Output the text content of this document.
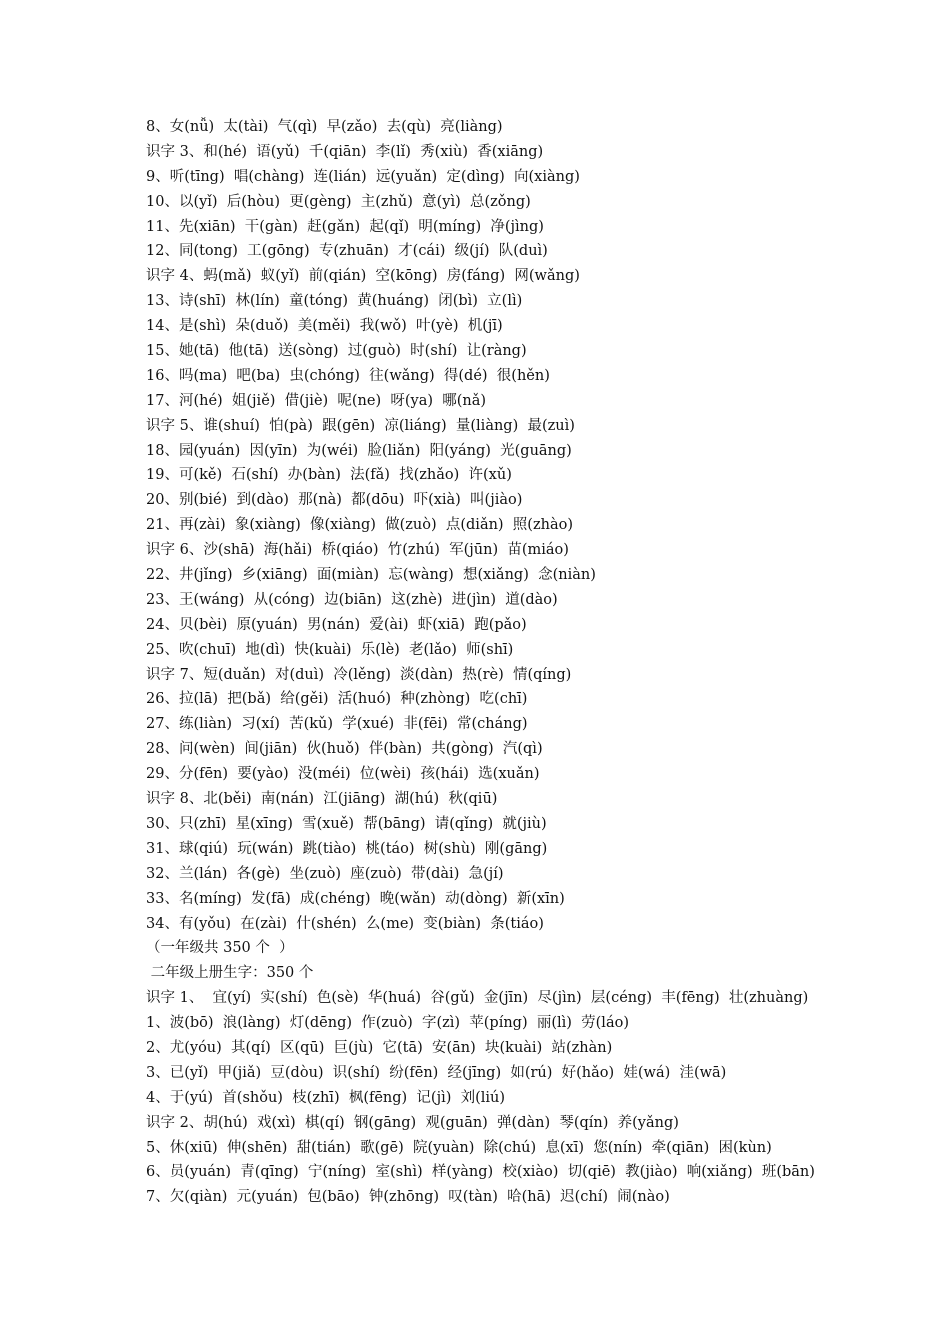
8、女(nǚ)  太(tài)  气(qì)  早(zǎo)  去(qù)  亮(liàng)
识字 3、和(hé)  语(yǔ)  千(qiān)  李(lǐ)  秀(xiù)  香(xiāng)
9、听(tīng)  唱(chàng)  连(lián)  远(yuǎn)  定(dìng)  向(xiàng)
10、以(yǐ)  后(hòu)  更(gèng)  主(zhǔ)  意(yì)  总(zǒng)
11、先(xiān)  干(gàn)  赶(gǎn)  起(qǐ)  明(míng)  净(jìng)
12、同(tong)  工(gōng)  专(zhuān)  才(cái)  级(jí)  队(duì)
识字 4、蚂(mǎ)  蚁(yǐ)  前(qián)  空(kōng)  房(fáng)  网(wǎng)
13、诗(shī)  林(lín)  童(tóng)  黄(huáng)  闭(bì)  立(lì)
14、是(shì)  朵(duǒ)  美(měi)  我(wǒ)  叶(yè)  机(jī)
15、她(tā)  他(tā)  送(sòng)  过(guò)  时(shí)  让(ràng)
16、吗(ma)  吧(ba)  虫(chóng)  往(wǎng)  得(dé)  很(hěn)
17、河(hé)  姐(jiě)  借(jiè)  呢(ne)  呀(ya)  哪(nǎ)
识字 5、谁(shuí)  怕(pà)  跟(gēn)  凉(liáng)  量(liàng)  最(zuì)
18、园(yuán)  因(yīn)  为(wéi)  脸(liǎn)  阳(yáng)  光(guāng)
19、可(kě)  石(shí)  办(bàn)  法(fǎ)  找(zhǎo)  许(xǔ)
20、别(bié)  到(dào)  那(nà)  都(dōu)  吓(xià)  叫(jiào)
21、再(zài)  象(xiàng)  像(xiàng)  做(zuò)  点(diǎn)  照(zhào)
识字 6、沙(shā)  海(hǎi)  桥(qiáo)  竹(zhú)  军(jūn)  苗(miáo)
22、井(jǐng)  乡(xiāng)  面(miàn)  忘(wàng)  想(xiǎng)  念(niàn)
23、王(wáng)  从(cóng)  边(biān)  这(zhè)  进(jìn)  道(dào)
24、贝(bèi)  原(yuán)  男(nán)  爱(ài)  虾(xiā)  跑(pǎo)
25、吹(chuī)  地(dì)  快(kuài)  乐(lè)  老(lǎo)  师(shī)
识字 7、短(duǎn)  对(duì)  冷(lěng)  淡(dàn)  热(rè)  情(qíng)
26、拉(lā)  把(bǎ)  给(gěi)  活(huó)  种(zhòng)  吃(chī)
27、练(liàn)  习(xí)  苦(kǔ)  学(xué)  非(fēi)  常(cháng)
28、问(wèn)  间(jiān)  伙(huǒ)  伴(bàn)  共(gòng)  汽(qì)
29、分(fēn)  要(yào)  没(méi)  位(wèi)  孩(hái)  选(xuǎn)
识字 8、北(běi)  南(nán)  江(jiāng)  湖(hú)  秋(qiū)
30、只(zhī)  星(xīng)  雪(xuě)  帮(bāng)  请(qǐng)  就(jiù)
31、球(qiú)  玩(wán)  跳(tiào)  桃(táo)  树(shù)  刚(gāng)
32、兰(lán)  各(gè)  坐(zuò)  座(zuò)  带(dài)  急(jí)
33、名(míng)  发(fā)  成(chéng)  晚(wǎn)  动(dòng)  新(xīn)
34、有(yǒu)  在(zài)  什(shén)  么(me)  变(biàn)  条(tiáo)
（一年级共 350 个  ）
二年级上册生字：350 个
识字 1、  宜(yí)  实(shí)  色(sè)  华(huá)  谷(gǔ)  金(jīn)  尽(jìn)  层(céng)  丰(fēng)  壮(zhuàng)
1、波(bō)  浪(làng)  灯(dēng)  作(zuò)  字(zì)  苹(píng)  丽(lì)  劳(láo)
2、尤(yóu)  其(qí)  区(qū)  巨(jù)  它(tā)  安(ān)  块(kuài)  站(zhàn)
3、已(yǐ)  甲(jiǎ)  豆(dòu)  识(shí)  纷(fēn)  经(jīng)  如(rú)  好(hǎo)  娃(wá)  洼(wā)
4、于(yú)  首(shǒu)  枝(zhī)  枫(fēng)  记(jì)  刘(liú)
识字 2、胡(hú)  戏(xì)  棋(qí)  钢(gāng)  观(guān)  弹(dàn)  琴(qín)  养(yǎng)
5、休(xiū)  伸(shēn)  甜(tián)  歌(gē)  院(yuàn)  除(chú)  息(xī)  您(nín)  牵(qiān)  困(kùn)
6、员(yuán)  青(qīng)  宁(níng)  室(shì)  样(yàng)  校(xiào)  切(qiē)  教(jiào)  响(xiǎng)  班(bān)
7、欠(qiàn)  元(yuán)  包(bāo)  钟(zhōng)  叹(tàn)  哈(hā)  迟(chí)  闹(nào)
